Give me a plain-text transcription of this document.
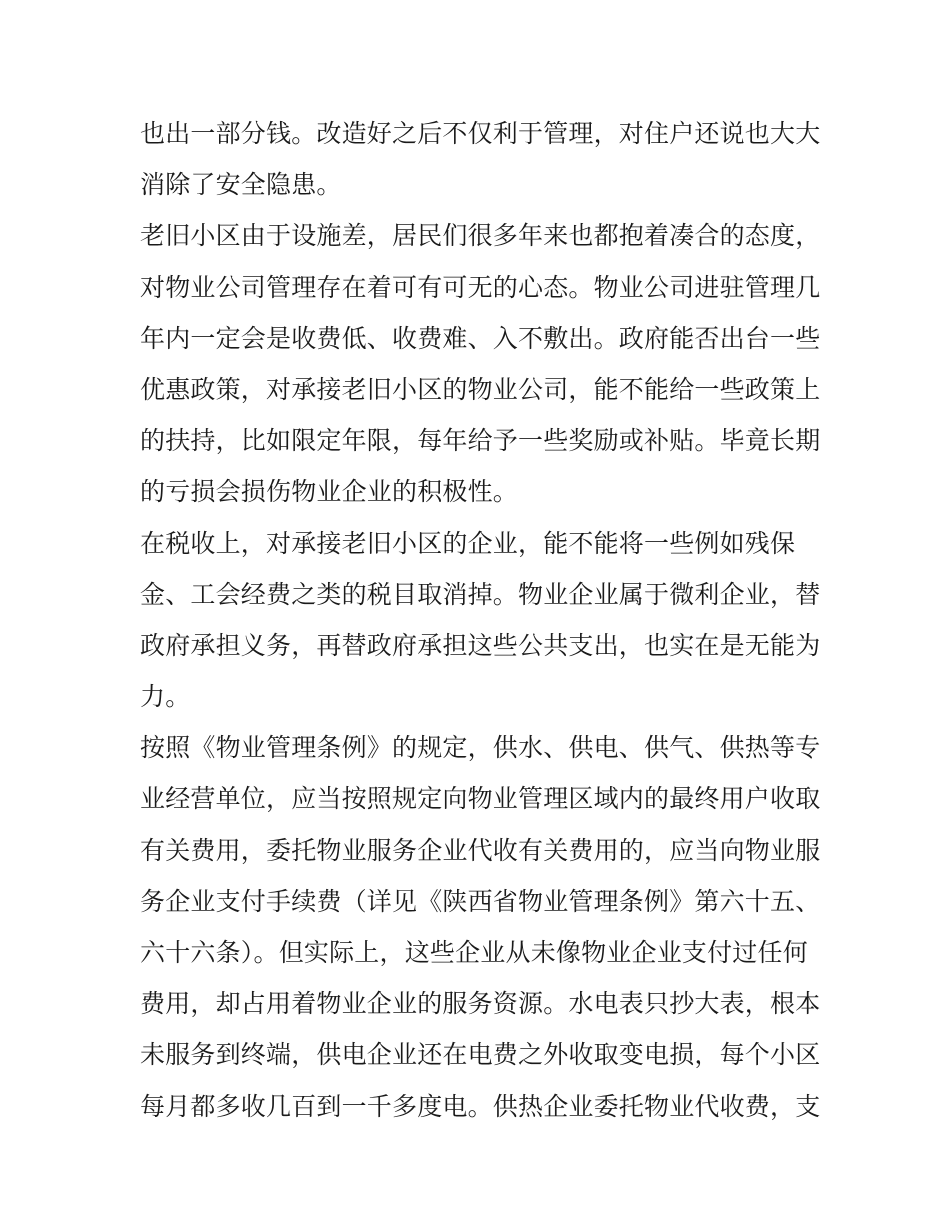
也出一部分钱。改造好之后不仅利于管理，对住户还说也大大
消除了安全隐患。
老旧小区由于设施差，居民们很多年来也都抱着凑合的态度，
对物业公司管理存在着可有可无的心态。物业公司进驻管理几
年内一定会是收费低、收费难、入不敷出。政府能否出台一些
优惠政策，对承接老旧小区的物业公司，能不能给一些政策上
的扶持，比如限定年限，每年给予一些奖励或补贴。毕竟长期
的亏损会损伤物业企业的积极性。
在税收上，对承接老旧小区的企业，能不能将一些例如残保
金、工会经费之类的税目取消掉。物业企业属于微利企业，替
政府承担义务，再替政府承担这些公共支出，也实在是无能为
力。
按照《物业管理条例》的规定，供水、供电、供气、供热等专
业经营单位，应当按照规定向物业管理区域内的最终用户收取
有关费用，委托物业服务企业代收有关费用的，应当向物业服
务企业支付手续费（详见《陕西省物业管理条例》第六十五、
六十六条）。但实际上，这些企业从未像物业企业支付过任何
费用，却占用着物业企业的服务资源。水电表只抄大表，根本
未服务到终端，供电企业还在电费之外收取变电损，每个小区
每月都多收几百到一千多度电。供热企业委托物业代收费，支
